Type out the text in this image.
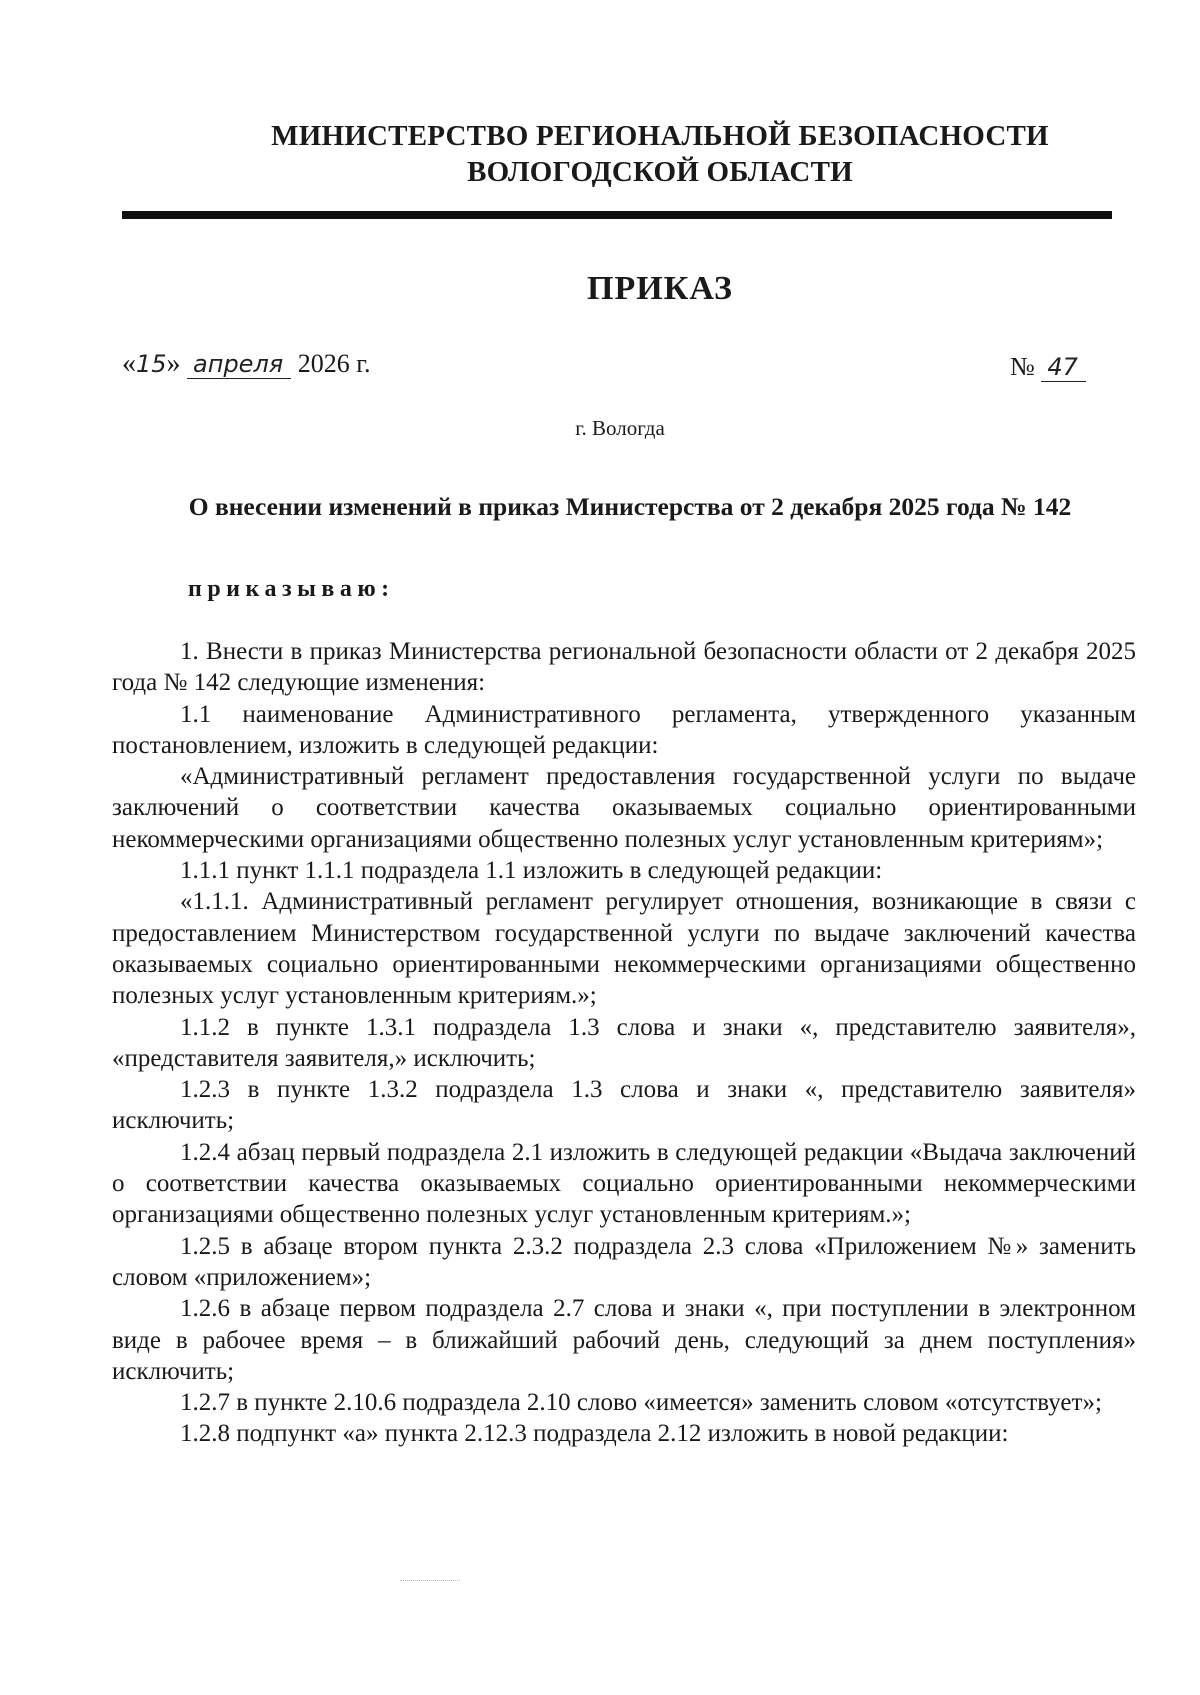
МИНИСТЕРСТВО РЕГИОНАЛЬНОЙ БЕЗОПАСНОСТИ
ВОЛОГОДСКОЙ ОБЛАСТИ
ПРИКАЗ
«15» апреля 2026 г.	№ 47
г. Вологда
О внесении изменений в приказ Министерства от 2 декабря 2025 года № 142
приказываю:

1. Внести в приказ Министерства региональной безопасности области от 2 декабря 2025 года № 142 следующие изменения:

1.1 наименование Административного регламента, утвержденного указанным постановлением, изложить в следующей редакции:

«Административный регламент предоставления государственной услуги по выдаче заключений о соответствии качества оказываемых социально ориентированными некоммерческими организациями общественно полезных услуг установленным критериям»;

1.1.1 пункт 1.1.1 подраздела 1.1 изложить в следующей редакции:

«1.1.1. Административный регламент регулирует отношения, возникающие в связи с предоставлением Министерством государственной услуги по выдаче заключений качества оказываемых социально ориентированными некоммерческими организациями общественно полезных услуг установленным критериям.»;

1.1.2 в пункте 1.3.1 подраздела 1.3 слова и знаки «, представителю заявителя», «представителя заявителя,» исключить;

1.2.3 в пункте 1.3.2 подраздела 1.3 слова и знаки «, представителю заявителя» исключить;

1.2.4 абзац первый подраздела 2.1 изложить в следующей редакции «Выдача заключений о соответствии качества оказываемых социально ориентированными некоммерческими организациями общественно полезных услуг установленным критериям.»;

1.2.5 в абзаце втором пункта 2.3.2 подраздела 2.3 слова «Приложением №» заменить словом «приложением»;

1.2.6 в абзаце первом подраздела 2.7 слова и знаки «, при поступлении в электронном виде в рабочее время – в ближайший рабочий день, следующий за днем поступления» исключить;

1.2.7 в пункте 2.10.6 подраздела 2.10 слово «имеется» заменить словом «отсутствует»;

1.2.8 подпункт «а» пункта 2.12.3 подраздела 2.12 изложить в новой редакции:
